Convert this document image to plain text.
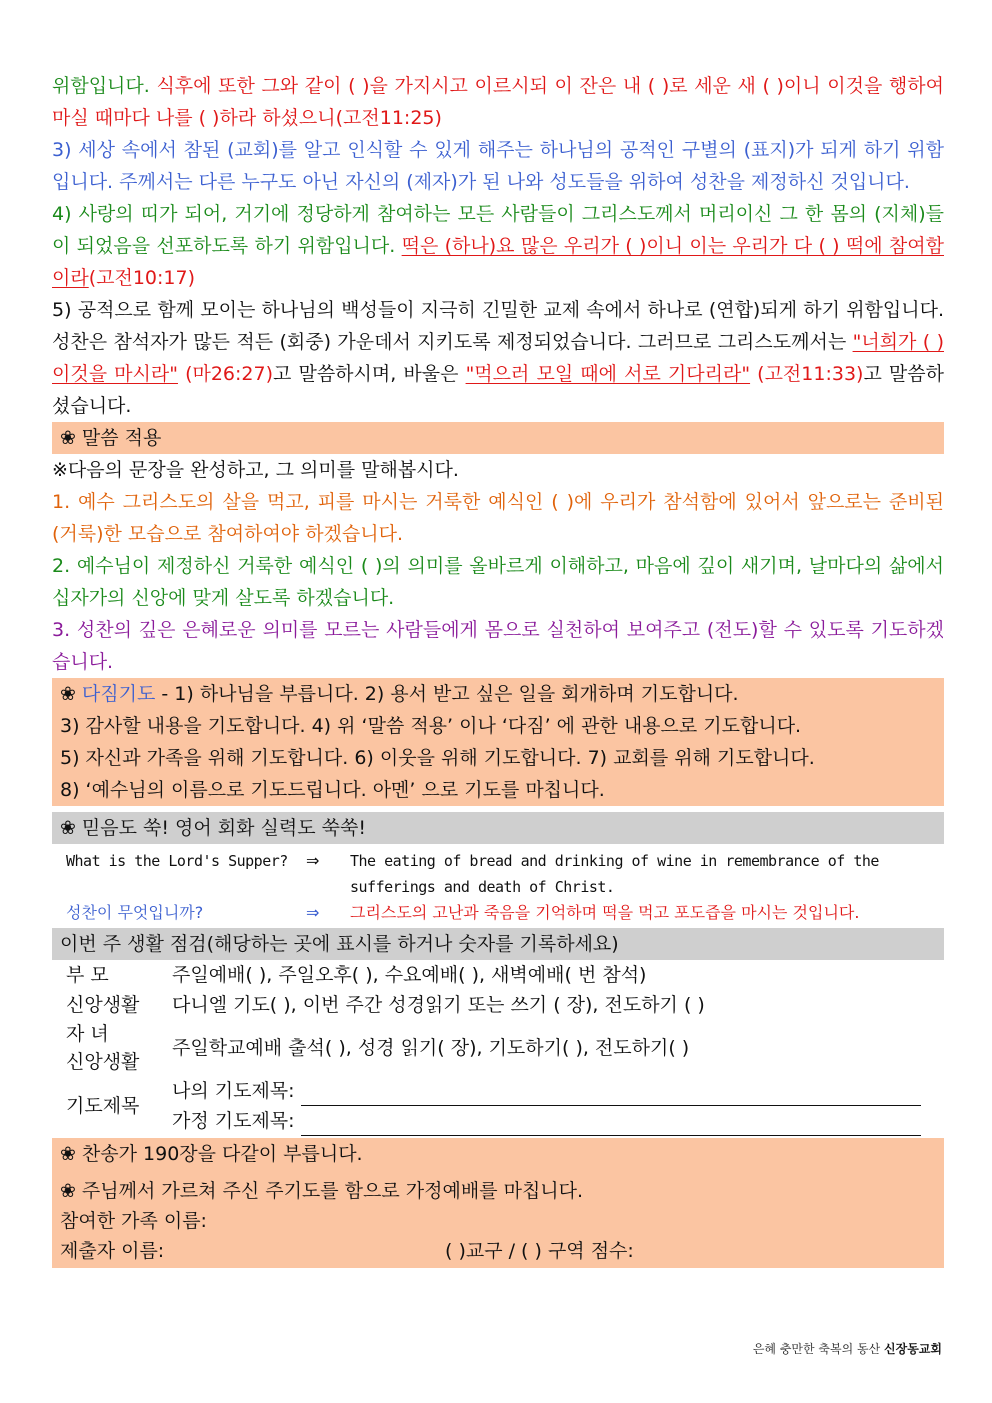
위함입니다. 식후에 또한 그와 같이 ( )을 가지시고 이르시되 이 잔은 내 ( )로 세운 새 ( )이니 이것을 행하여 마실 때마다 나를 ( )하라 하셨으니(고전11:25)

3) 세상 속에서 참된 (교회)를 알고 인식할 수 있게 해주는 하나님의 공적인 구별의 (표지)가 되게 하기 위함입니다. 주께서는 다른 누구도 아닌 자신의 (제자)가 된 나와 성도들을 위하여 성찬을 제정하신 것입니다.

4) 사랑의 띠가 되어, 거기에 정당하게 참여하는 모든 사람들이 그리스도께서 머리이신 그 한 몸의 (지체)들이 되었음을 선포하도록 하기 위함입니다. 떡은 (하나)요 많은 우리가 ( )이니 이는 우리가 다 ( ) 떡에 참여함이라(고전10:17)

5) 공적으로 함께 모이는 하나님의 백성들이 지극히 긴밀한 교제 속에서 하나로 (연합)되게 하기 위함입니다. 성찬은 참석자가 많든 적든 (회중) 가운데서 지키도록 제정되었습니다. 그러므로 그리스도께서는 "너희가 ( ) 이것을 마시라" (마26:27)고 말씀하시며, 바울은 "먹으러 모일 때에 서로 기다리라" (고전11:33)고 말씀하셨습니다.

❀ 말씀 적용

※다음의 문장을 완성하고, 그 의미를 말해봅시다.

1. 예수 그리스도의 살을 먹고, 피를 마시는 거룩한 예식인 ( )에 우리가 참석함에 있어서 앞으로는 준비된 (거룩)한 모습으로 참여하여야 하겠습니다.

2. 예수님이 제정하신 거룩한 예식인 ( )의 의미를 올바르게 이해하고, 마음에 깊이 새기며, 날마다의 삶에서 십자가의 신앙에 맞게 살도록 하겠습니다.

3. 성찬의 깊은 은혜로운 의미를 모르는 사람들에게 몸으로 실천하여 보여주고 (전도)할 수 있도록 기도하겠습니다.

❀ 다짐기도 - 1) 하나님을 부릅니다. 2) 용서 받고 싶은 일을 회개하며 기도합니다.
3) 감사할 내용을 기도합니다. 4) 위 ‘말씀 적용’ 이나 ‘다짐’ 에 관한 내용으로 기도합니다.
5) 자신과 가족을 위해 기도합니다. 6) 이웃을 위해 기도합니다. 7) 교회를 위해 기도합니다.
8) ‘예수님의 이름으로 기도드립니다. 아멘’ 으로 기도를 마칩니다.
❀ 믿음도 쑥! 영어 회화 실력도 쑥쑥!
What is the Lord's Supper?	⇒	The eating of bread and drinking of wine in remembrance of the sufferings and death of Christ.
성찬이 무엇입니까?	⇒	그리스도의 고난과 죽음을 기억하며 떡을 먹고 포도즙을 마시는 것입니다.
이번 주 생활 점검(해당하는 곳에 표시를 하거나 숫자를 기록하세요)
부 모	주일예배( ), 주일오후( ), 수요예배( ), 새벽예배( 번 참석)
신앙생활	다니엘 기도( ), 이번 주간 성경읽기 또는 쓰기 ( 장), 전도하기 ( )

자 녀
신앙생활	주일학교예배 출석( ), 성경 읽기( 장), 기도하기( ), 전도하기( )
기도제목	나의 기도제목:
	가정 기도제목:
❀ 찬송가 190장을 다같이 부릅니다.
❀ 주님께서 가르쳐 주신 주기도를 함으로 가정예배를 마칩니다.
참여한 가족 이름:
제출자 이름:	( )교구 / ( ) 구역 점수:
은혜 충만한 축복의 동산 신장동교회
